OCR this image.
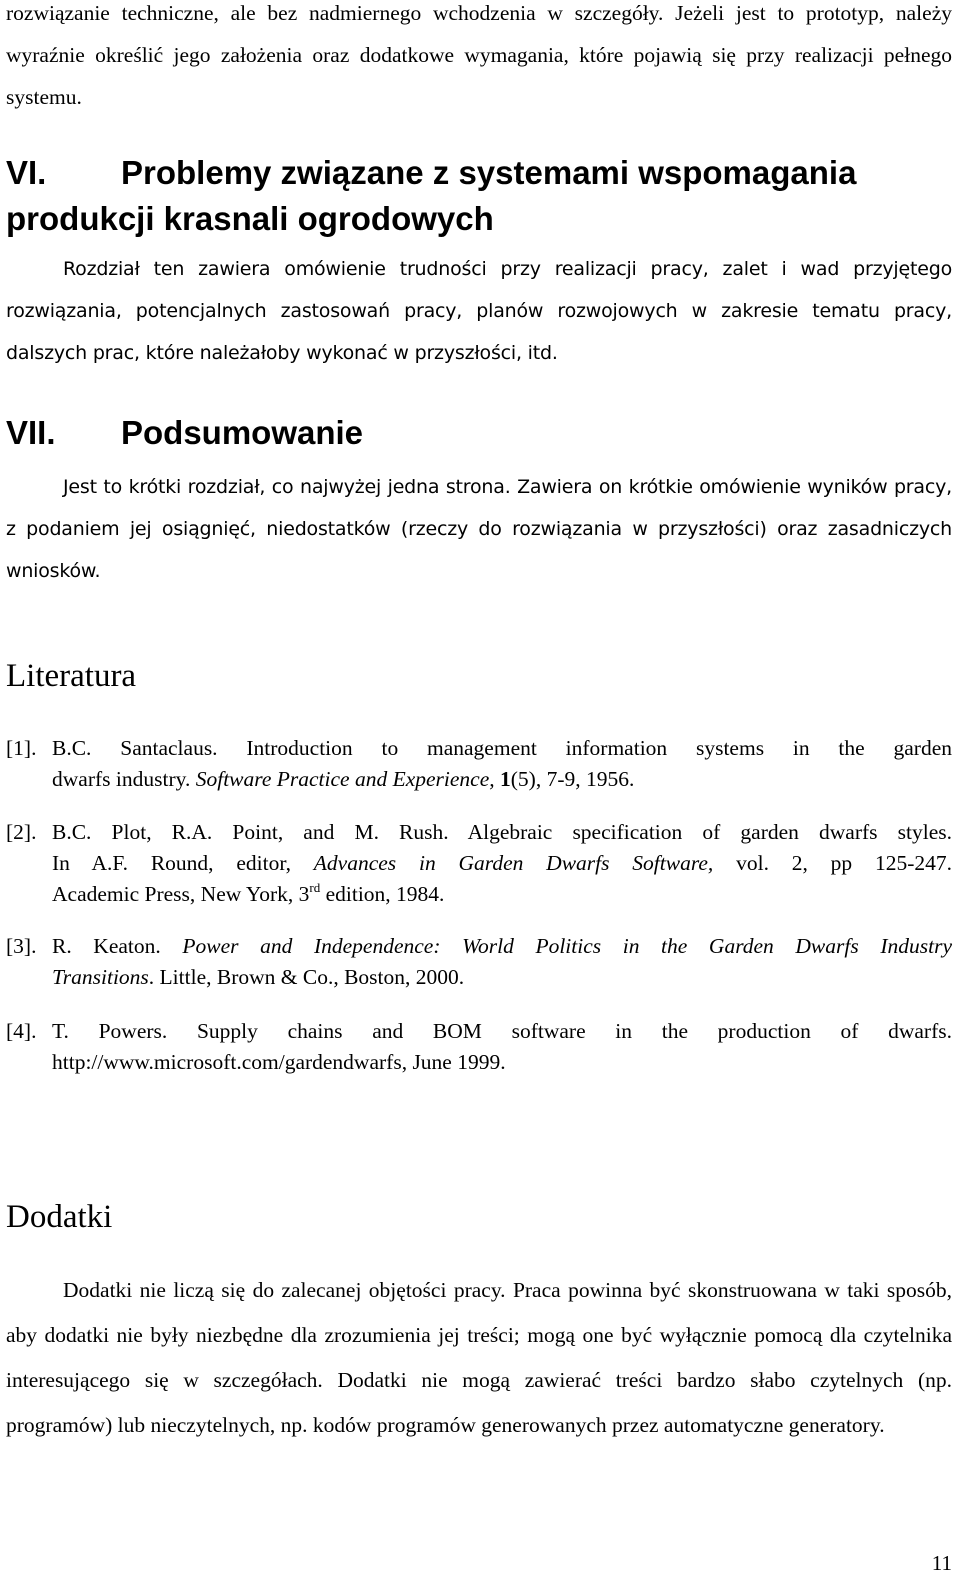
rozwiązanie techniczne, ale bez nadmiernego wchodzenia w szczegóły. Jeżeli jest to prototyp, należy wyraźnie określić jego założenia oraz dodatkowe wymagania, które pojawią się przy realizacji pełnego systemu.

VI. Problemy związane z systemami wspomagania produkcji krasnali ogrodowych

Rozdział ten zawiera omówienie trudności przy realizacji pracy, zalet i wad przyjętego rozwiązania, potencjalnych zastosowań pracy, planów rozwojowych w zakresie tematu pracy, dalszych prac, które należałoby wykonać w przyszłości, itd.

VII. Podsumowanie

Jest to krótki rozdział, co najwyżej jedna strona. Zawiera on krótkie omówienie wyników pracy, z podaniem jej osiągnięć, niedostatków (rzeczy do rozwiązania w przyszłości) oraz zasadniczych wniosków.

Literatura
[1]. B.C. Santaclaus. Introduction to management information systems in the garden
dwarfs industry. Software Practice and Experience, 1(5), 7-9, 1956.
[2]. B.C. Plot, R.A. Point, and M. Rush. Algebraic specification of garden dwarfs styles.
In A.F. Round, editor, Advances in Garden Dwarfs Software, vol. 2, pp 125-247.
Academic Press, New York, 3rd edition, 1984.
[3]. R. Keaton. Power and Independence: World Politics in the Garden Dwarfs Industry
Transitions. Little, Brown & Co., Boston, 2000.
[4]. T. Powers. Supply chains and BOM software in the production of dwarfs.
http://www.microsoft.com/gardendwarfs, June 1999.
Dodatki

Dodatki nie liczą się do zalecanej objętości pracy. Praca powinna być skonstruowana w taki sposób, aby dodatki nie były niezbędne dla zrozumienia jej treści; mogą one być wyłącznie pomocą dla czytelnika interesującego się w szczegółach. Dodatki nie mogą zawierać treści bardzo słabo czytelnych (np. programów) lub nieczytelnych, np. kodów programów generowanych przez automatyczne generatory.

11
